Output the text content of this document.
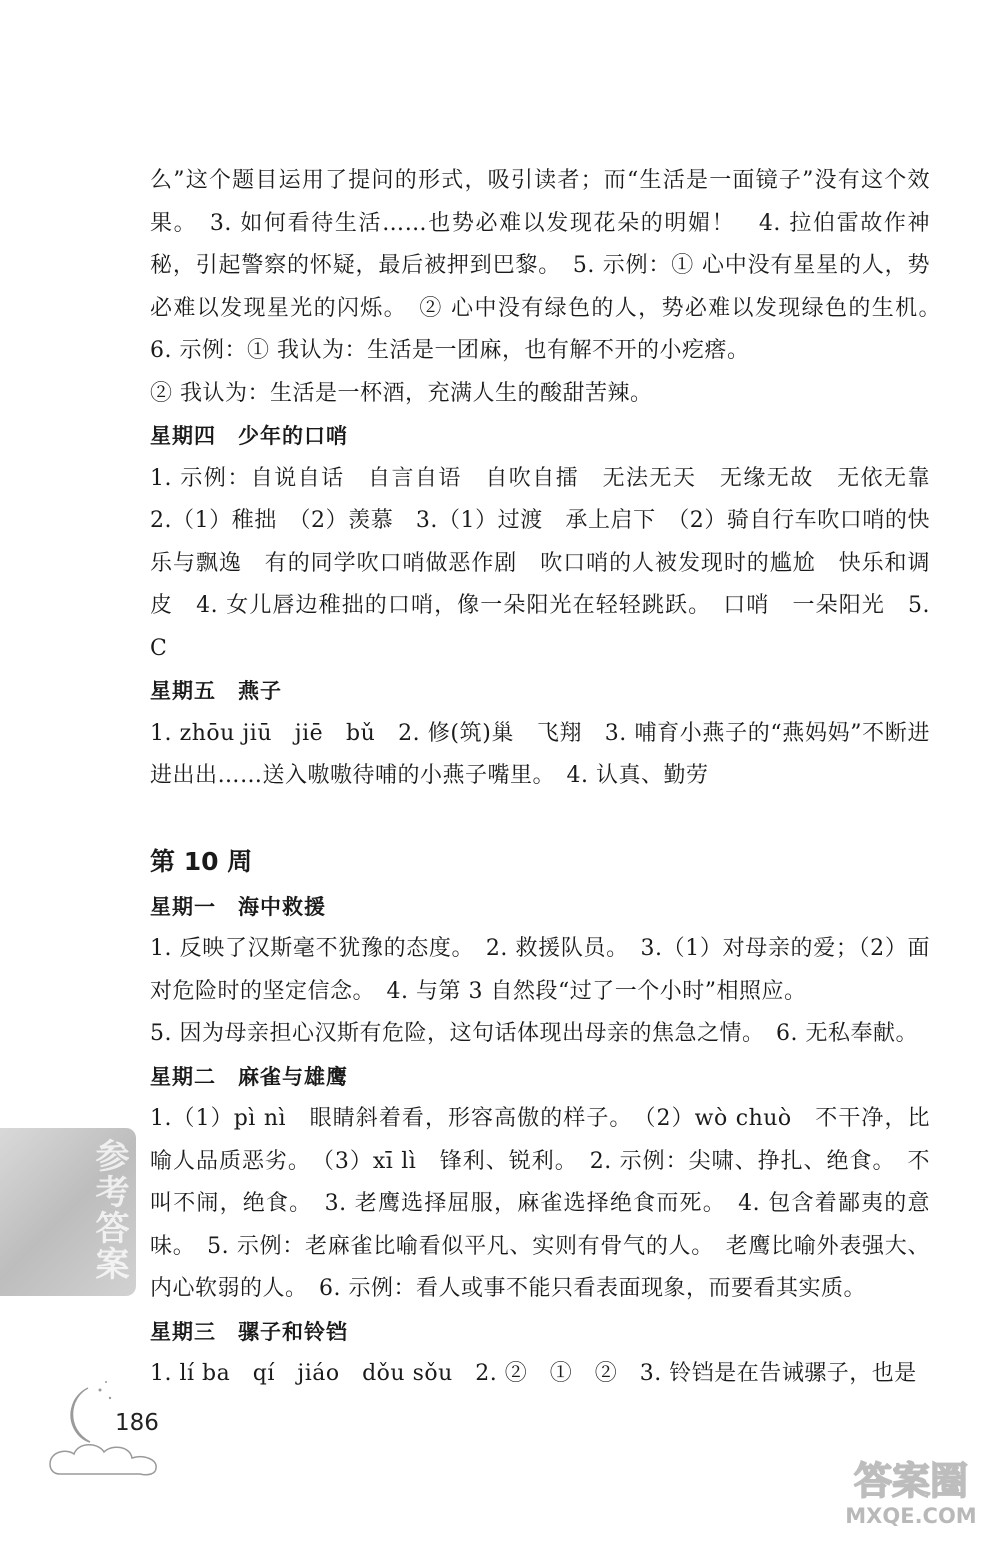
么”这个题目运用了提问的形式，吸引读者；而“生活是一面镜子”没有这个效果。　3. 如何看待生活……也势必难以发现花朵的明媚！　4. 拉伯雷故作神秘，引起警察的怀疑，最后被押到巴黎。　5. 示例：① 心中没有星星的人，势必难以发现星光的闪烁。　② 心中没有绿色的人，势必难以发现绿色的生机。　6. 示例：① 我认为：生活是一团麻，也有解不开的小疙瘩。
② 我认为：生活是一杯酒，充满人生的酸甜苦辣。

星期四　少年的口哨

1. 示例：自说自话　自言自语　自吹自擂　无法无天　无缘无故　无依无靠　2.（1）稚拙　（2）羡慕　3.（1）过渡　承上启下　（2）骑自行车吹口哨的快乐与飘逸　有的同学吹口哨做恶作剧　吹口哨的人被发现时的尴尬　快乐和调皮　4. 女儿唇边稚拙的口哨，像一朵阳光在轻轻跳跃。　口哨　一朵阳光　5. C

星期五　燕子

1. zhōu jiū　jiē　bǔ　2. 修(筑)巢　飞翔　3. 哺育小燕子的“燕妈妈”不断进进出出……送入嗷嗷待哺的小燕子嘴里。　4. 认真、勤劳

第 10 周

星期一　海中救援

1. 反映了汉斯毫不犹豫的态度。　2. 救援队员。　3.（1）对母亲的爱；（2）面对危险时的坚定信念。　4. 与第 3 自然段“过了一个小时”相照应。
5. 因为母亲担心汉斯有危险，这句话体现出母亲的焦急之情。　6. 无私奉献。

星期二　麻雀与雄鹰

1.（1）pì nì　眼睛斜着看，形容高傲的样子。　（2）wò chuò　不干净，比喻人品质恶劣。　（3）xī lì　锋利、锐利。　2. 示例：尖啸、挣扎、绝食。　不叫不闹，绝食。　3. 老鹰选择屈服，麻雀选择绝食而死。　4. 包含着鄙夷的意味。　5. 示例：老麻雀比喻看似平凡、实则有骨气的人。　老鹰比喻外表强大、内心软弱的人。　6. 示例：看人或事不能只看表面现象，而要看其实质。

星期三　骡子和铃铛

1. lí ba　qí　jiáo　dǒu sǒu　2. ②　①　②　3. 铃铛是在告诫骡子，也是

参考答案
186
答案圈
MXQE.COM
